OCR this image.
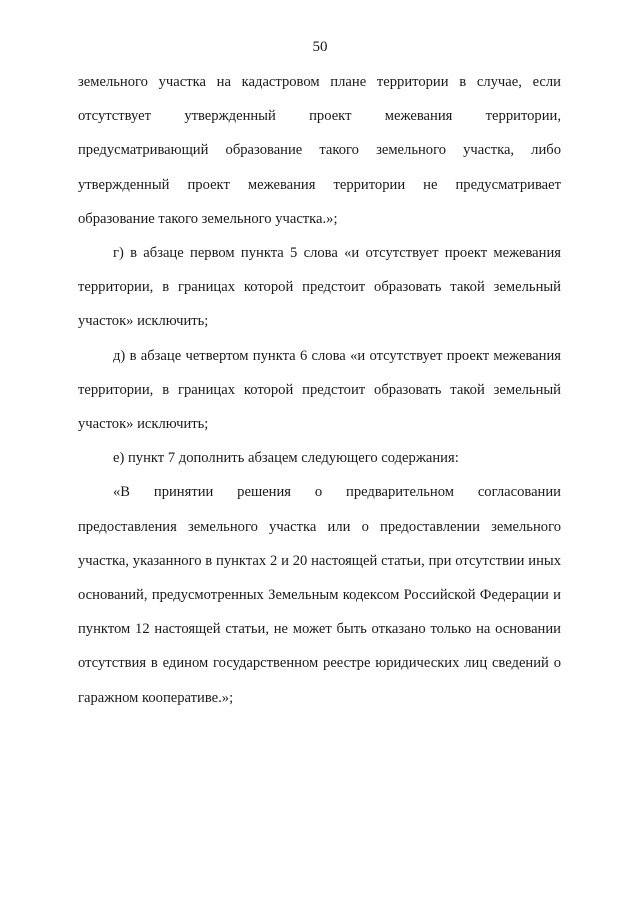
50

земельного участка на кадастровом плане территории в случае, если отсутствует утвержденный проект межевания территории, предусматривающий образование такого земельного участка, либо утвержденный проект межевания территории не предусматривает образование такого земельного участка.»;

г) в абзаце первом пункта 5 слова «и отсутствует проект межевания территории, в границах которой предстоит образовать такой земельный участок» исключить;

д) в абзаце четвертом пункта 6 слова «и отсутствует проект межевания территории, в границах которой предстоит образовать такой земельный участок» исключить;

е) пункт 7 дополнить абзацем следующего содержания:

«В принятии решения о предварительном согласовании предоставления земельного участка или о предоставлении земельного участка, указанного в пунктах 2 и 20 настоящей статьи, при отсутствии иных оснований, предусмотренных Земельным кодексом Российской Федерации и пунктом 12 настоящей статьи, не может быть отказано только на основании отсутствия в едином государственном реестре юридических лиц сведений о гаражном кооперативе.»;
